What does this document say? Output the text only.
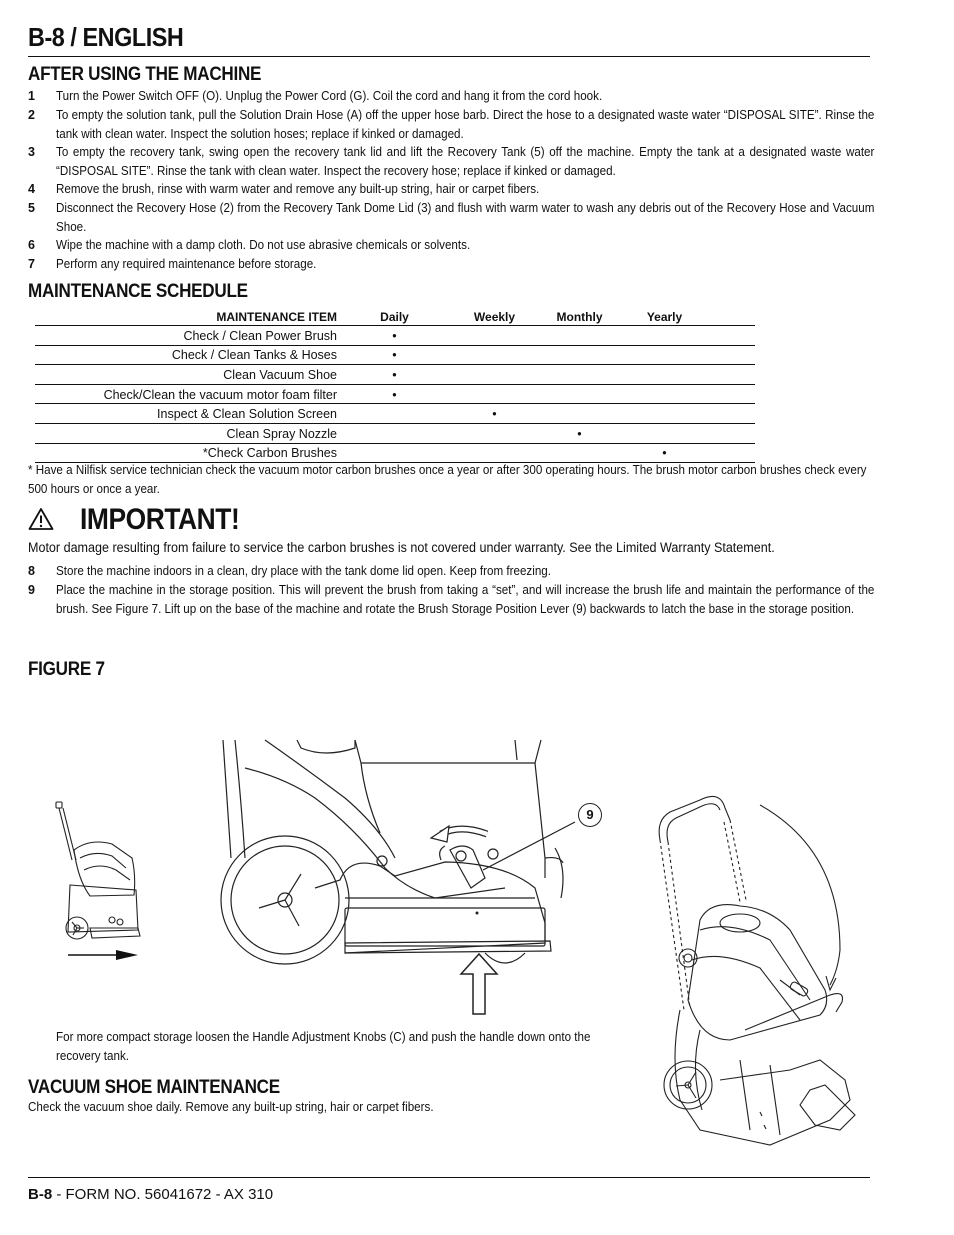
B-8 / ENGLISH
AFTER USING THE MACHINE
1 Turn the Power Switch OFF (O). Unplug the Power Cord (G). Coil the cord and hang it from the cord hook.
2 To empty the solution tank, pull the Solution Drain Hose (A) off the upper hose barb. Direct the hose to a designated waste water “DISPOSAL SITE”. Rinse the tank with clean water. Inspect the solution hoses; replace if kinked or damaged.
3 To empty the recovery tank, swing open the recovery tank lid and lift the Recovery Tank (5) off the machine. Empty the tank at a designated waste water “DISPOSAL SITE”. Rinse the tank with clean water. Inspect the recovery hose; replace if kinked or damaged.
4 Remove the brush, rinse with warm water and remove any built-up string, hair or carpet fibers.
5 Disconnect the Recovery Hose (2) from the Recovery Tank Dome Lid (3) and flush with warm water to wash any debris out of the Recovery Hose and Vacuum Shoe.
6 Wipe the machine with a damp cloth. Do not use abrasive chemicals or solvents.
7 Perform any required maintenance before storage.
MAINTENANCE SCHEDULE
MAINTENANCE ITEM	Daily	Weekly	Monthly	Yearly	
Check / Clean Power Brush	•				
Check / Clean Tanks & Hoses	•				
Clean Vacuum Shoe	•				
Check/Clean the vacuum motor foam filter	•				
Inspect & Clean Solution Screen		•			
Clean Spray Nozzle			•		
*Check Carbon Brushes				•	
* Have a Nilfisk service technician check the vacuum motor carbon brushes once a year or after 300 operating hours. The brush motor carbon brushes check every 500 hours or once a year.
IMPORTANT!
Motor damage resulting from failure to service the carbon brushes is not covered under warranty. See the Limited Warranty Statement.
8 Store the machine indoors in a clean, dry place with the tank dome lid open. Keep from freezing.
9 Place the machine in the storage position. This will prevent the brush from taking a “set”, and will increase the brush life and maintain the performance of the brush. See Figure 7. Lift up on the base of the machine and rotate the Brush Storage Position Lever (9) backwards to latch the base in the storage position.
FIGURE 7
9
For more compact storage loosen the Handle Adjustment Knobs (C) and push the handle down onto the recovery tank.
VACUUM SHOE MAINTENANCE
Check the vacuum shoe daily. Remove any built-up string, hair or carpet fibers.
B-8 - FORM NO. 56041672 - AX 310
